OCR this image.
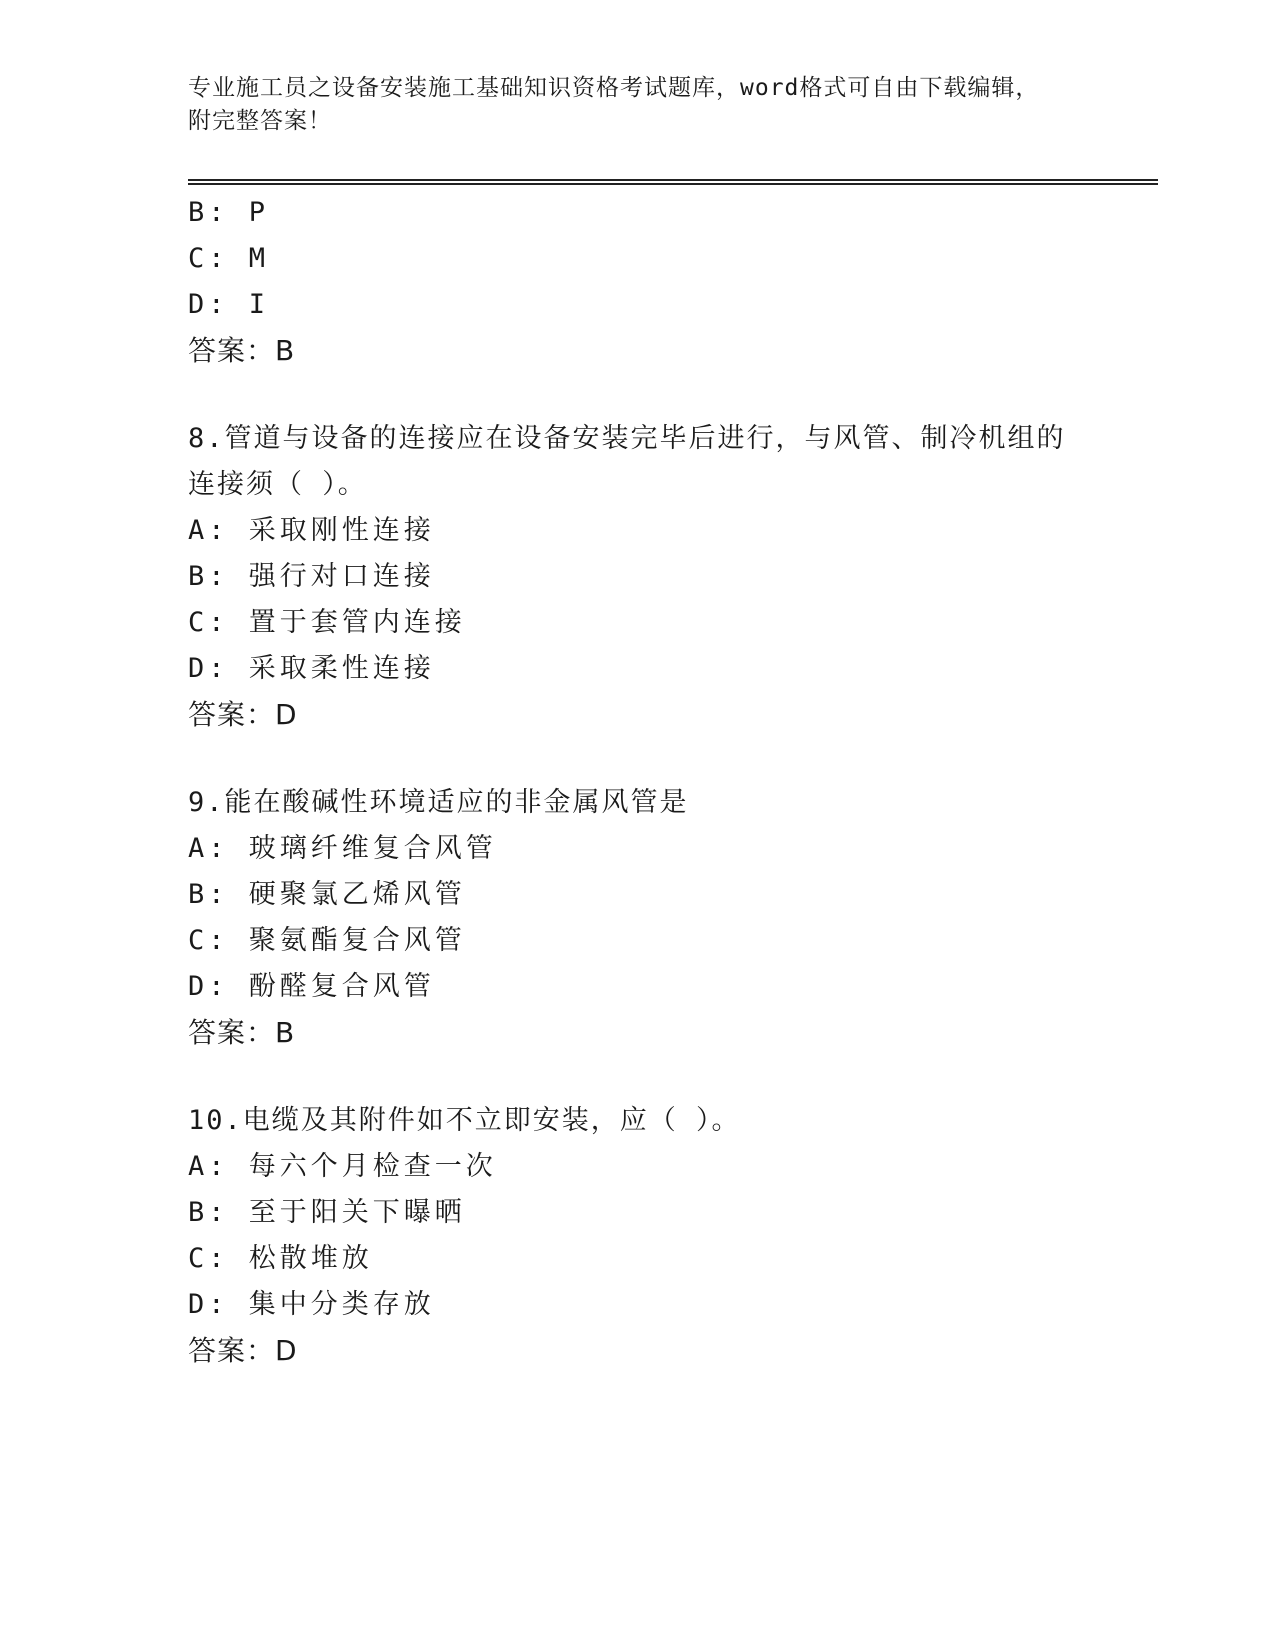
专业施工员之设备安装施工基础知识资格考试题库，word格式可自由下载编辑，
附完整答案！
B: P
C: M
D: I
答案：B
8.管道与设备的连接应在设备安装完毕后进行，与风管、制冷机组的
连接须（ ）。
A: 采取刚性连接
B: 强行对口连接
C: 置于套管内连接
D: 采取柔性连接
答案：D
9.能在酸碱性环境适应的非金属风管是
A: 玻璃纤维复合风管
B: 硬聚氯乙烯风管
C: 聚氨酯复合风管
D: 酚醛复合风管
答案：B
10.电缆及其附件如不立即安装，应（ ）。
A: 每六个月检查一次
B: 至于阳关下曝晒
C: 松散堆放
D: 集中分类存放
答案：D
